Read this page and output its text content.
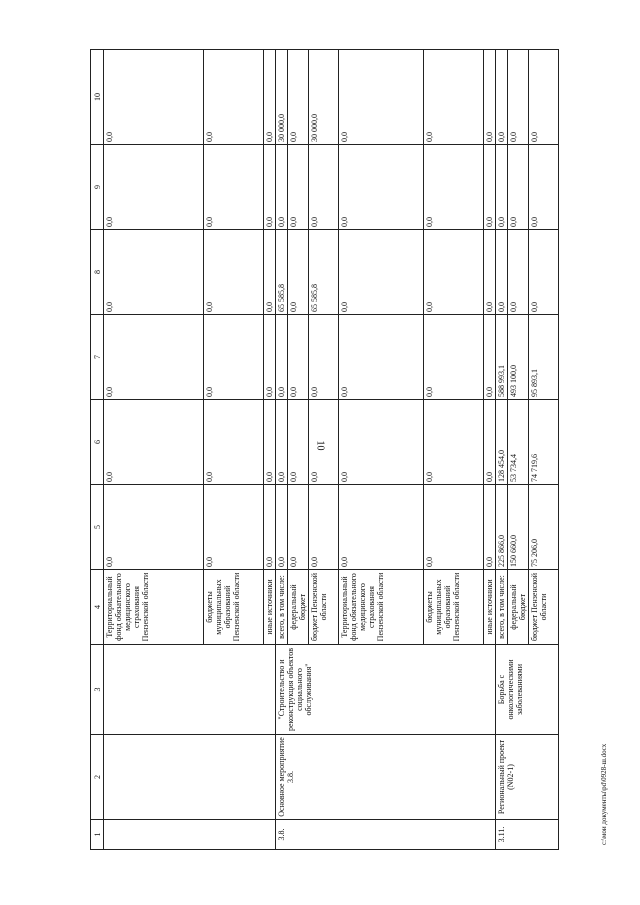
10
1	2	3	4	5	6	7	8	9	10
			Территориальный фонд обязательного медицинского страхования Пензенской области	0,0	0,0	0,0	0,0	0,0	0,0
			бюджеты муниципальных образований Пензенской области	0,0	0,0	0,0	0,0	0,0	0,0
			иные источники	0,0	0,0	0,0	0,0	0,0	0,0
3.8.	Основное мероприятие 3.8.	"Строительство и реконструкция объектов социального обслуживания"	всего, в том числе:	0,0	0,0	0,0	65 585,8	0,0	30 000,0
			федеральный бюджет	0,0	0,0	0,0	0,0	0,0	0,0
			бюджет Пензенской области	0,0	0,0	0,0	65 585,8	0,0	30 000,0
			Территориальный фонд обязательного медицинского страхования Пензенской области	0,0	0,0	0,0	0,0	0,0	0,0
			бюджеты муниципальных образований Пензенской области	0,0	0,0	0,0	0,0	0,0	0,0
			иные источники	0,0	0,0	0,0	0,0	0,0	0,0
3.11.	Региональный проект (N02-1)	Борьба с онкологическими заболеваниями	всего, в том числе:	225 866,0	128 454,0	588 993,1	0,0	0,0	0,0
			федеральный бюджет	150 660,0	53 734,4	493 100,0	0,0	0,0	0,0
			бюджет Пензенской области	75 206,0	74 719,6	95 893,1	0,0	0,0	0,0
c:\мои документы\pd\0928-ш.docx
